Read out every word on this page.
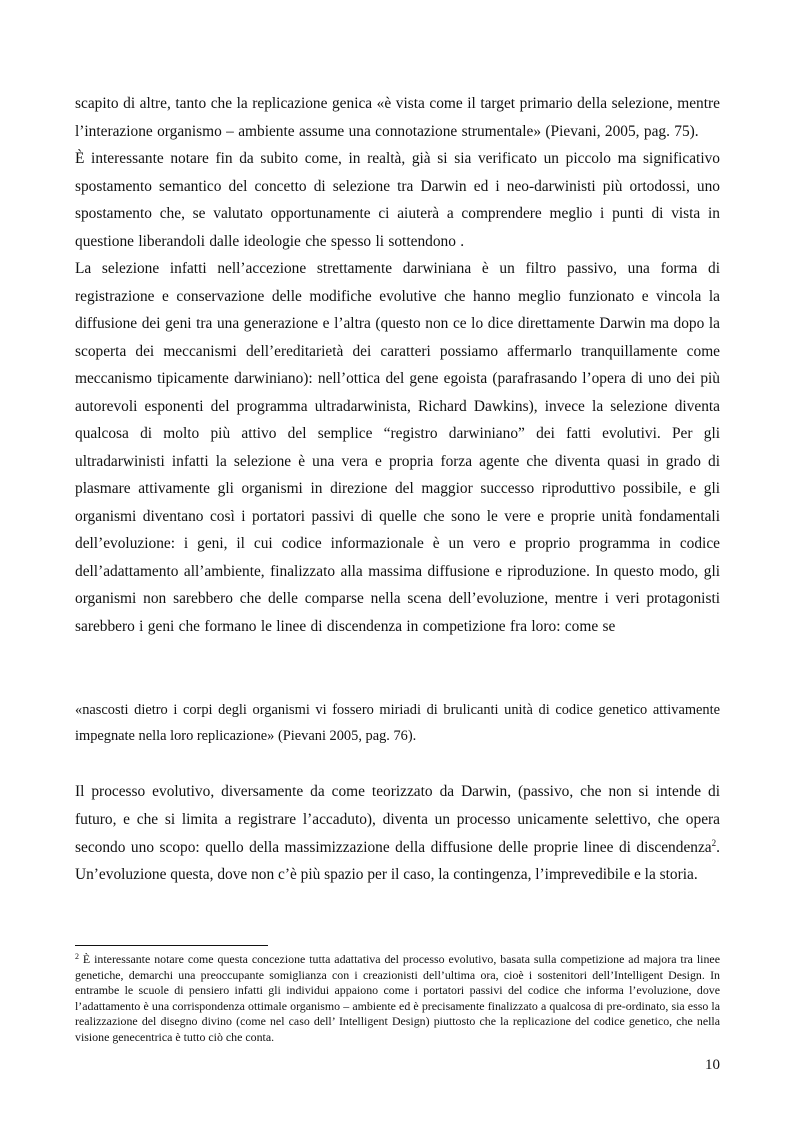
scapito di altre, tanto che la replicazione genica «è vista come il target primario della selezione, mentre l’interazione organismo – ambiente assume una connotazione strumentale» (Pievani, 2005, pag. 75).

È interessante notare fin da subito come, in realtà, già si sia verificato un piccolo ma significativo spostamento semantico del concetto di selezione tra Darwin ed i neo-darwinisti più ortodossi, uno spostamento che, se valutato opportunamente ci aiuterà a comprendere meglio i punti di vista in questione liberandoli dalle ideologie che spesso li sottendono .

La selezione infatti nell’accezione strettamente darwiniana è un filtro passivo, una forma di registrazione e conservazione delle modifiche evolutive che hanno meglio funzionato e vincola la diffusione dei geni tra una generazione e l’altra (questo non ce lo dice direttamente Darwin ma dopo la scoperta dei meccanismi dell’ereditarietà dei caratteri possiamo affermarlo tranquillamente come meccanismo tipicamente darwiniano): nell’ottica del gene egoista (parafrasando l’opera di uno dei più autorevoli esponenti del programma ultradarwinista, Richard Dawkins), invece la selezione diventa qualcosa di molto più attivo del semplice “registro darwiniano” dei fatti evolutivi. Per gli ultradarwinisti infatti la selezione è una vera e propria forza agente che diventa quasi in grado di plasmare attivamente gli organismi in direzione del maggior successo riproduttivo possibile, e gli organismi diventano così i portatori passivi di quelle che sono le vere e proprie unità fondamentali dell’evoluzione: i geni, il cui codice informazionale è un vero e proprio programma in codice dell’adattamento all’ambiente, finalizzato alla massima diffusione e riproduzione. In questo modo, gli organismi non sarebbero che delle comparse nella scena dell’evoluzione, mentre i veri protagonisti sarebbero i geni che formano le linee di discendenza in competizione fra loro: come se

«nascosti dietro i corpi degli organismi vi fossero miriadi di brulicanti unità di codice genetico attivamente impegnate nella loro replicazione» (Pievani 2005, pag. 76).

Il processo evolutivo, diversamente da come teorizzato da Darwin, (passivo, che non si intende di futuro, e che si limita a registrare l’accaduto), diventa un processo unicamente selettivo, che opera secondo uno scopo: quello della massimizzazione della diffusione delle proprie linee di discendenza$^2$. Un’evoluzione questa, dove non c’è più spazio per il caso, la contingenza, l’imprevedibile e la storia.

$^2$ È interessante notare come questa concezione tutta adattativa del processo evolutivo, basata sulla competizione ad majora tra linee genetiche, demarchi una preoccupante somiglianza con i creazionisti dell’ultima ora, cioè i sostenitori dell’Intelligent Design. In entrambe le scuole di pensiero infatti gli individui appaiono come i portatori passivi del codice che informa l’evoluzione, dove l’adattamento è una corrispondenza ottimale organismo – ambiente ed è precisamente finalizzato a qualcosa di pre-ordinato, sia esso la realizzazione del disegno divino (come nel caso dell’ Intelligent Design) piuttosto che la replicazione del codice genetico, che nella visione genecentrica è tutto ciò che conta.

10
